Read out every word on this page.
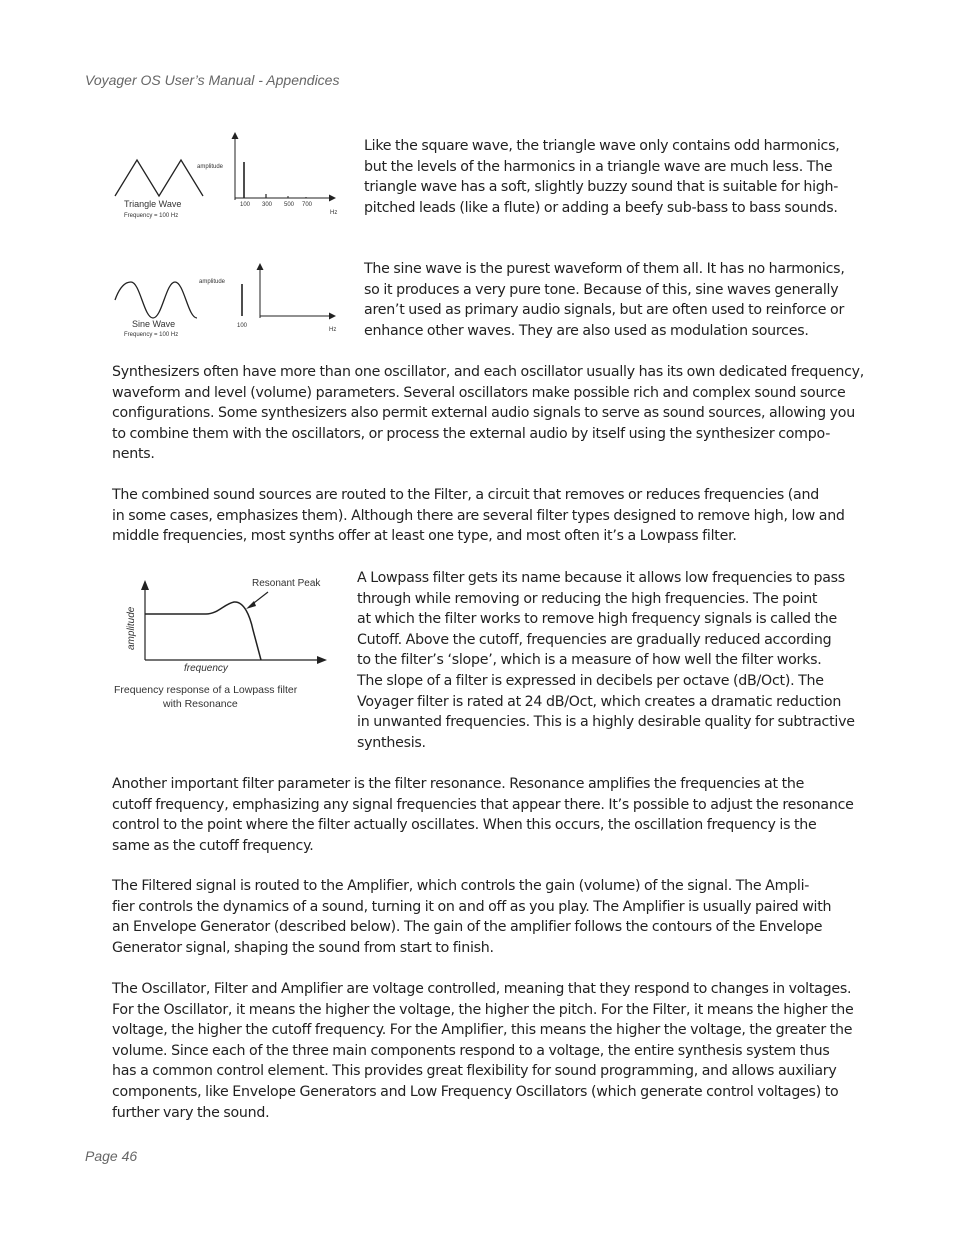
Voyager OS User’s Manual - Appendices
Triangle Wave
Frequency = 100 Hz
amplitude
100 300 500 700
Hz
Like the square wave, the triangle wave only contains odd harmonics,
but the levels of the harmonics in a triangle wave are much less. The
triangle wave has a soft, slightly buzzy sound that is suitable for high-
pitched leads (like a flute) or adding a beefy sub-bass to bass sounds.
Sine Wave
Frequency = 100 Hz
amplitude
100
Hz
The sine wave is the purest waveform of them all. It has no harmonics,
so it produces a very pure tone. Because of this, sine waves generally
aren’t used as primary audio signals, but are often used to reinforce or
enhance other waves. They are also used as modulation sources.
Synthesizers often have more than one oscillator, and each oscillator usually has its own dedicated frequency,
waveform and level (volume) parameters. Several oscillators make possible rich and complex sound source
configurations. Some synthesizers also permit external audio signals to serve as sound sources, allowing you
to combine them with the oscillators, or process the external audio by itself using the synthesizer compo-
nents.
The combined sound sources are routed to the Filter, a circuit that removes or reduces frequencies (and
in some cases, emphasizes them). Although there are several filter types designed to remove high, low and
middle frequencies, most synths offer at least one type, and most often it’s a Lowpass filter.
Resonant Peak
amplitude
frequency
Frequency response of a Lowpass filter
with Resonance
A Lowpass filter gets its name because it allows low frequencies to pass
through while removing or reducing the high frequencies. The point
at which the filter works to remove high frequency signals is called the
Cutoff. Above the cutoff, frequencies are gradually reduced according
to the filter’s ‘slope’, which is a measure of how well the filter works.
The slope of a filter is expressed in decibels per octave (dB/Oct). The
Voyager filter is rated at 24 dB/Oct, which creates a dramatic reduction
in unwanted frequencies. This is a highly desirable quality for subtractive
synthesis.
Another important filter parameter is the filter resonance. Resonance amplifies the frequencies at the
cutoff frequency, emphasizing any signal frequencies that appear there. It’s possible to adjust the resonance
control to the point where the filter actually oscillates. When this occurs, the oscillation frequency is the
same as the cutoff frequency.
The Filtered signal is routed to the Amplifier, which controls the gain (volume) of the signal. The Ampli-
fier controls the dynamics of a sound, turning it on and off as you play. The Amplifier is usually paired with
an Envelope Generator (described below). The gain of the amplifier follows the contours of the Envelope
Generator signal, shaping the sound from start to finish.
The Oscillator, Filter and Amplifier are voltage controlled, meaning that they respond to changes in voltages.
For the Oscillator, it means the higher the voltage, the higher the pitch. For the Filter, it means the higher the
voltage, the higher the cutoff frequency. For the Amplifier, this means the higher the voltage, the greater the
volume. Since each of the three main components respond to a voltage, the entire synthesis system thus
has a common control element. This provides great flexibility for sound programming, and allows auxiliary
components, like Envelope Generators and Low Frequency Oscillators (which generate control voltages) to
further vary the sound.
Page 46
